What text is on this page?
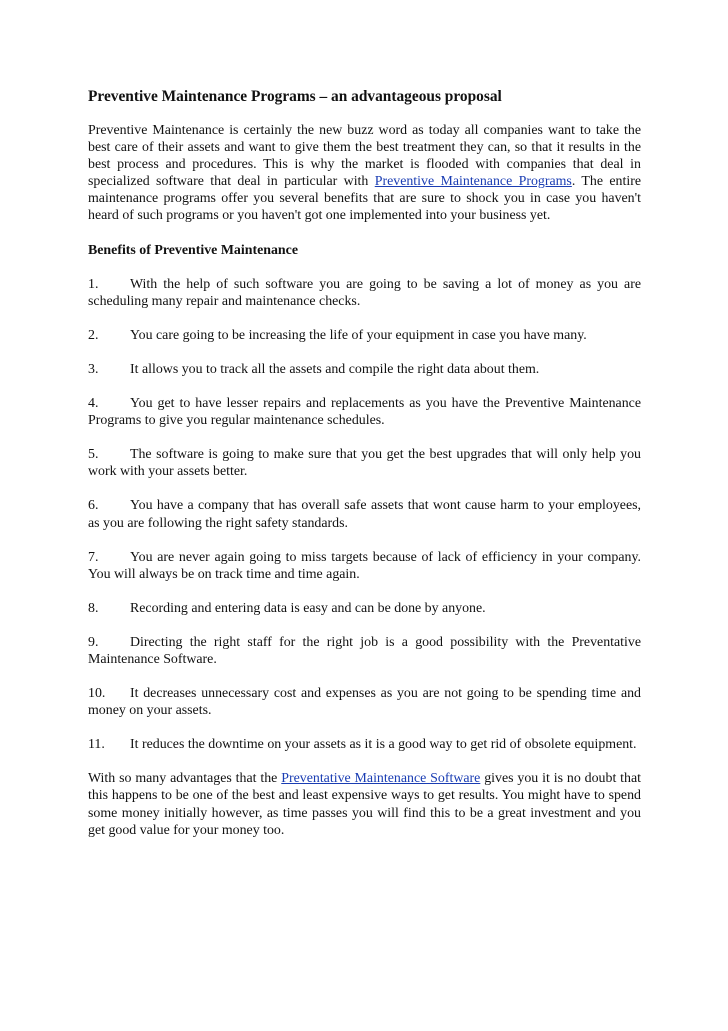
Preventive Maintenance Programs – an advantageous proposal

Preventive Maintenance is certainly the new buzz word as today all companies want to take the best care of their assets and want to give them the best treatment they can, so that it results in the best process and procedures. This is why the market is flooded with companies that deal in specialized software that deal in particular with Preventive Maintenance Programs. The entire maintenance programs offer you several benefits that are sure to shock you in case you haven't heard of such programs or you haven't got one implemented into your business yet.

Benefits of Preventive Maintenance

1. With the help of such software you are going to be saving a lot of money as you are scheduling many repair and maintenance checks.

2. You care going to be increasing the life of your equipment in case you have many.

3. It allows you to track all the assets and compile the right data about them.

4. You get to have lesser repairs and replacements as you have the Preventive Maintenance Programs to give you regular maintenance schedules.

5. The software is going to make sure that you get the best upgrades that will only help you work with your assets better.

6. You have a company that has overall safe assets that wont cause harm to your employees, as you are following the right safety standards.

7. You are never again going to miss targets because of lack of efficiency in your company. You will always be on track time and time again.

8. Recording and entering data is easy and can be done by anyone.

9. Directing the right staff for the right job is a good possibility with the Preventative Maintenance Software.

10. It decreases unnecessary cost and expenses as you are not going to be spending time and money on your assets.

11. It reduces the downtime on your assets as it is a good way to get rid of obsolete equipment.

With so many advantages that the Preventative Maintenance Software gives you it is no doubt that this happens to be one of the best and least expensive ways to get results. You might have to spend some money initially however, as time passes you will find this to be a great investment and you get good value for your money too.
